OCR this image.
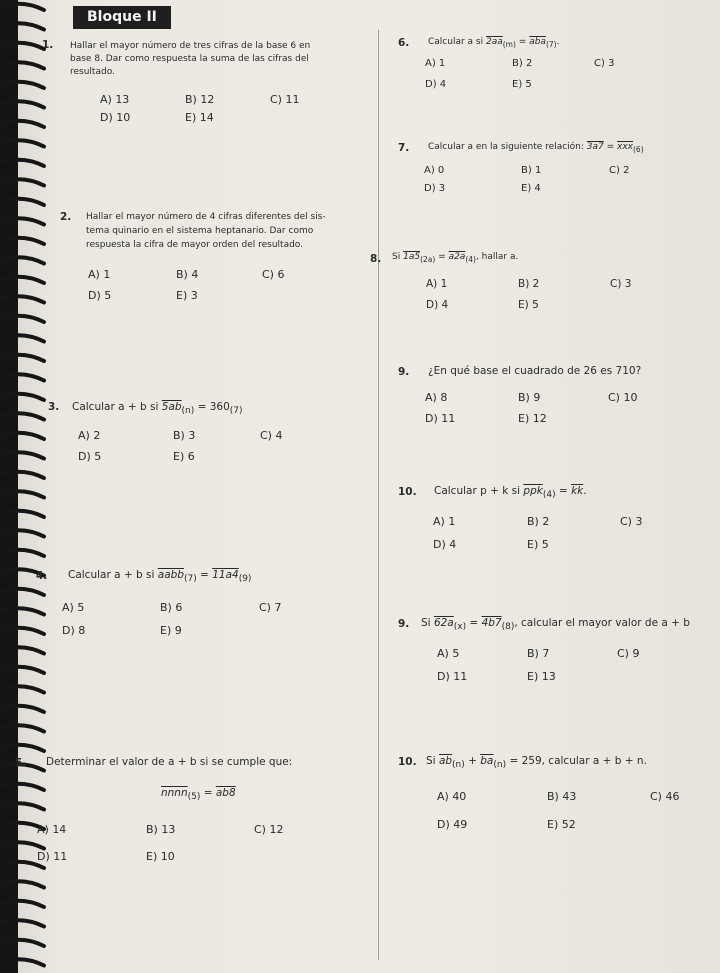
Bloque II
1. Hallar el mayor número de tres cifras de la base 6 en
base 8. Dar como respuesta la suma de las cifras del
resultado.
A) 13	B) 12	C) 11
D) 10	E) 14
2. Hallar el mayor número de 4 cifras diferentes del sis-
tema quinario en el sistema heptanario. Dar como
respuesta la cifra de mayor orden del resultado.
A) 1	B) 4	C) 6
D) 5	E) 3
3. Calcular a + b si $5ab_{(n)} = 360_{(7)}$
A) 2	B) 3	C) 4
D) 5	E) 6
4. Calcular a + b si aabb$_{(7)}$ = $11a4_{(9)}$
A) 5	B) 6	C) 7
D) 8	E) 9
5. Determinar el valor de a + b si se cumple que:
nnnn$_{(5)}$ = ab8
A) 14	B) 13	C) 12
D) 11	E) 10
6. Calcular a si $2aa_{(m)} = \overline{aba}_{(7)}$.
A) 1	B) 2	C) 3
D) 4	E) 5
7. Calcular a en la siguiente relación: $3a7 = \overline{xxx}_{(6)}$
A) 0	B) 1	C) 2
D) 3	E) 4
8. Si $1a5_{(2a)} = a2a_{(4)}$, hallar a.
A) 1	B) 2	C) 3
D) 4	E) 5
9. ¿En qué base el cuadrado de 26 es 710?
A) 8	B) 9	C) 10
D) 11	E) 12
10. Calcular p + k si $\overline{ppk}_{(4)} = \overline{kk}$.
A) 1	B) 2	C) 3
D) 4	E) 5
9. Si $62a_{(x)} = 4b7_{(8)}$, calcular el mayor valor de a + b
A) 5	B) 7	C) 9
D) 11	E) 13
10. Si $\overline{ab}_{(n)} + \overline{ba}_{(n)} = 259$, calcular a + b + n.
A) 40	B) 43	C) 46
D) 49	E) 52
